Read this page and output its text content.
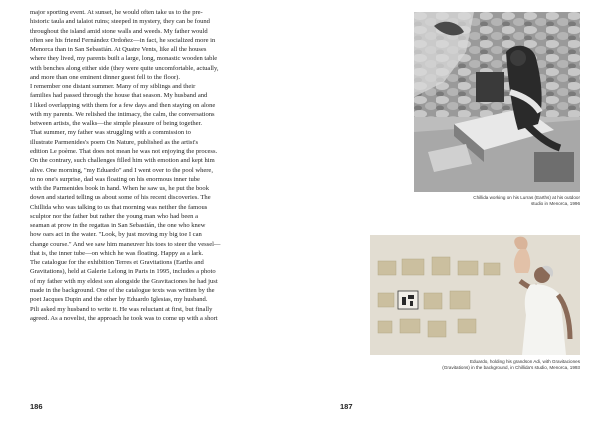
major sporting event. At sunset, he would often take us to the pre-
historic taula and talaiot ruins; steeped in mystery, they can be found
throughout the island amid stone walls and weeds. My father would
often see his friend Fernández Ordoñez—in fact, he socialized more in
Menorca than in San Sebastián. At Quatre Vents, like all the houses
where they lived, my parents built a large, long, monastic wooden table
with benches along either side (they were quite uncomfortable, actually,
and more than one eminent dinner guest fell to the floor).
I remember one distant summer. Many of my siblings and their
families had passed through the house that season. My husband and
I liked overlapping with them for a few days and then staying on alone
with my parents. We relished the intimacy, the calm, the conversations
between artists, the walks—the simple pleasure of being together.
That summer, my father was struggling with a commission to
illustrate Parmenides's poem On Nature, published as the artist's
edition Le poème. That does not mean he was not enjoying the process.
On the contrary, such challenges filled him with emotion and kept him
alive. One morning, "my Eduardo" and I went over to the pool where,
to no one's surprise, dad was floating on his enormous inner tube
with the Parmenides book in hand. When he saw us, he put the book
down and started telling us about some of his recent discoveries. The
Chillida who was talking to us that morning was neither the famous
sculptor nor the father but rather the young man who had been a
seaman at prow in the regattas in San Sebastián, the one who knew
how oars act in the water. "Look, by just moving my big toe I can
change course." And we saw him maneuver his toes to steer the vessel—
that is, the inner tube—on which he was floating. Happy as a lark.
The catalogue for the exhibition Terres et Gravitations (Earths and
Gravitations), held at Galerie Lelong in Paris in 1995, includes a photo
of my father with my eldest son alongside the Gravitaciones he had just
made in the background. One of the catalogue texts was written by the
poet Jacques Dupin and the other by Eduardo Iglesias, my husband.
Pili asked my husband to write it. He was reluctant at first, but finally
agreed. As a novelist, the approach he took was to come up with a short
186
Chillida working on his Lurras (Earths) at his outdoor
studio in Menorca, 1996
Eduardo, holding his grandson Adi, with Gravitaciones
(Gravitations) in the background, in Chillida's studio, Menorca, 1993
187
